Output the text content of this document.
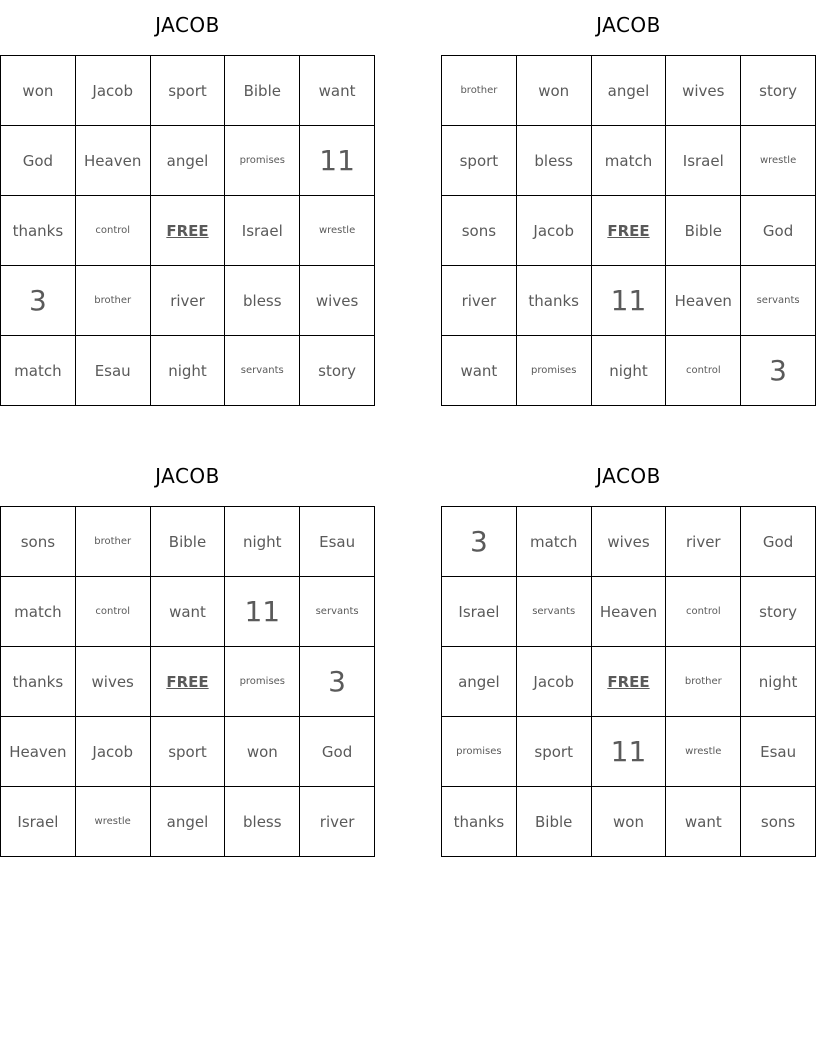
JACOB
won	Jacob	sport	Bible	want
God	Heaven	angel	promises	11
thanks	control	FREE	Israel	wrestle
3	brother	river	bless	wives
match	Esau	night	servants	story
JACOB
brother	won	angel	wives	story
sport	bless	match	Israel	wrestle
sons	Jacob	FREE	Bible	God
river	thanks	11	Heaven	servants
want	promises	night	control	3
JACOB
sons	brother	Bible	night	Esau
match	control	want	11	servants
thanks	wives	FREE	promises	3
Heaven	Jacob	sport	won	God
Israel	wrestle	angel	bless	river
JACOB
3	match	wives	river	God
Israel	servants	Heaven	control	story
angel	Jacob	FREE	brother	night
promises	sport	11	wrestle	Esau
thanks	Bible	won	want	sons
